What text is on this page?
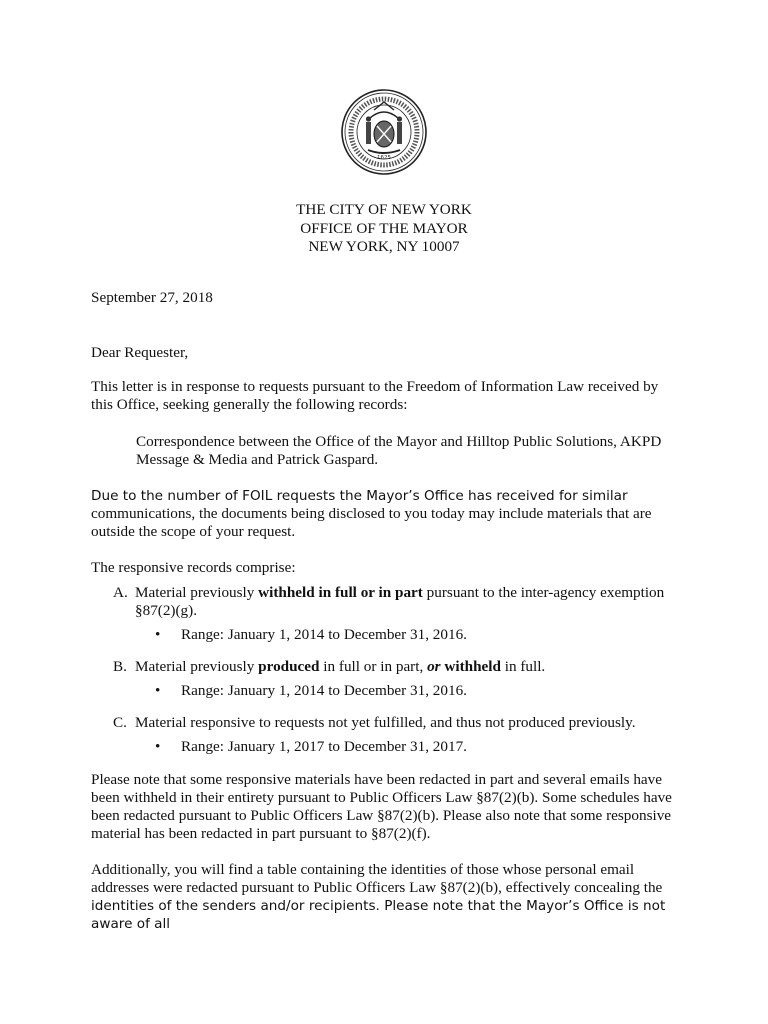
1625
THE CITY OF NEW YORK
OFFICE OF THE MAYOR
NEW YORK, NY 10007
September 27, 2018
Dear Requester,

This letter is in response to requests pursuant to the Freedom of Information Law received by

this Office, seeking generally the following records:

Correspondence between the Office of the Mayor and Hilltop Public Solutions, AKPD

Message & Media and Patrick Gaspard.

Due to the number of FOIL requests the Mayor’s Office has received for similar

communications, the documents being disclosed to you today may include materials that are

outside the scope of your request.

The responsive records comprise:
A. Material previously withheld in full or in part pursuant to the inter-agency exemption

§87(2)(g).

• Range: January 1, 2014 to December 31, 2016.
B. Material previously produced in full or in part, or withheld in full.

• Range: January 1, 2014 to December 31, 2016.
C. Material responsive to requests not yet fulfilled, and thus not produced previously.

• Range: January 1, 2017 to December 31, 2017.

Please note that some responsive materials have been redacted in part and several emails have

been withheld in their entirety pursuant to Public Officers Law §87(2)(b). Some schedules have

been redacted pursuant to Public Officers Law §87(2)(b). Please also note that some responsive

material has been redacted in part pursuant to §87(2)(f).

Additionally, you will find a table containing the identities of those whose personal email

addresses were redacted pursuant to Public Officers Law §87(2)(b), effectively concealing the

identities of the senders and/or recipients. Please note that the Mayor’s Office is not aware of all
